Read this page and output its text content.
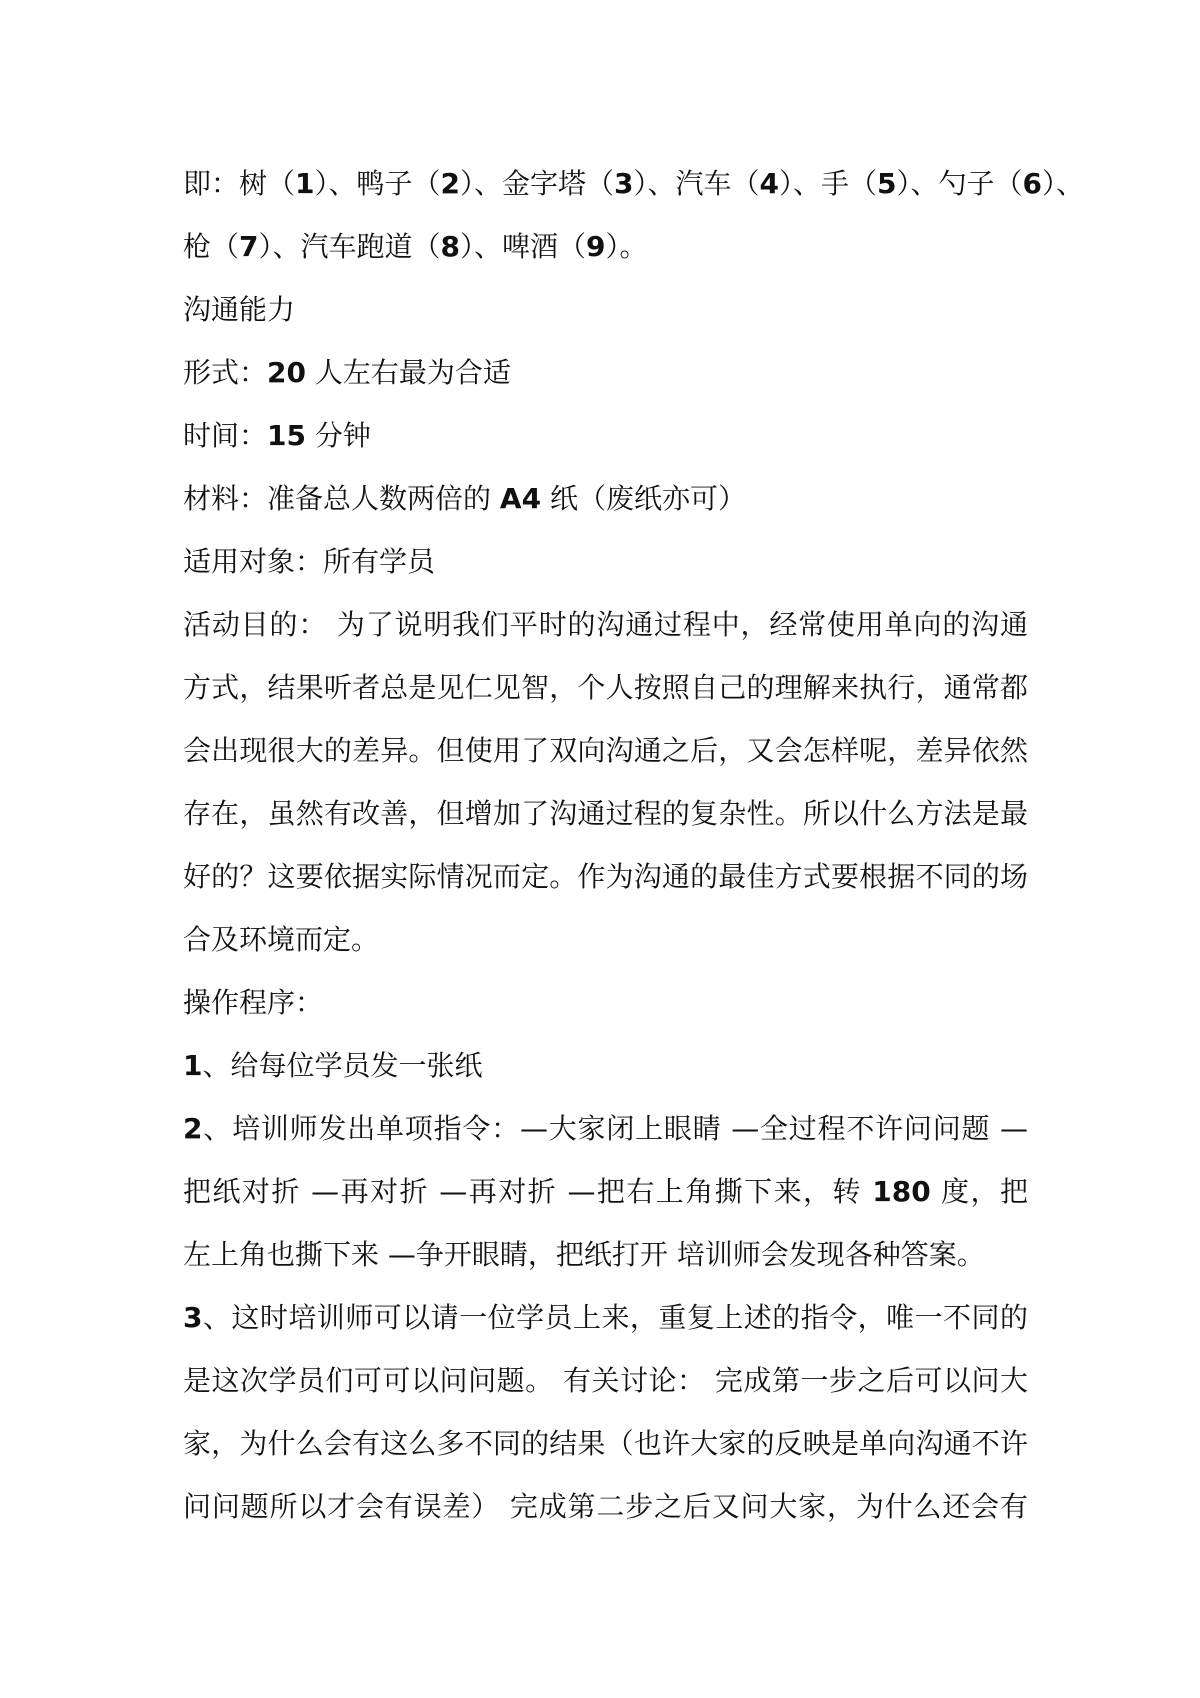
即：树（1）、鸭子（2）、金字塔（3）、汽车（4）、手（5）、勺子（6）、
枪（7）、汽车跑道（8）、啤酒（9）。
沟通能力
形式：20 人左右最为合适
时间：15 分钟
材料：准备总人数两倍的 A4 纸（废纸亦可）
适用对象：所有学员
活动目的： 为了说明我们平时的沟通过程中，经常使用单向的沟通
方式，结果听者总是见仁见智，个人按照自己的理解来执行，通常都
会出现很大的差异。但使用了双向沟通之后，又会怎样呢，差异依然
存在，虽然有改善，但增加了沟通过程的复杂性。所以什么方法是最
好的？这要依据实际情况而定。作为沟通的最佳方式要根据不同的场
合及环境而定。
操作程序：
1、给每位学员发一张纸
2、培训师发出单项指令：—大家闭上眼睛 —全过程不许问问题 —
把纸对折 —再对折 —再对折 —把右上角撕下来，转 180 度，把
左上角也撕下来 —争开眼睛，把纸打开 培训师会发现各种答案。
3、这时培训师可以请一位学员上来，重复上述的指令，唯一不同的
是这次学员们可可以问问题。 有关讨论： 完成第一步之后可以问大
家，为什么会有这么多不同的结果（也许大家的反映是单向沟通不许
问问题所以才会有误差） 完成第二步之后又问大家，为什么还会有
